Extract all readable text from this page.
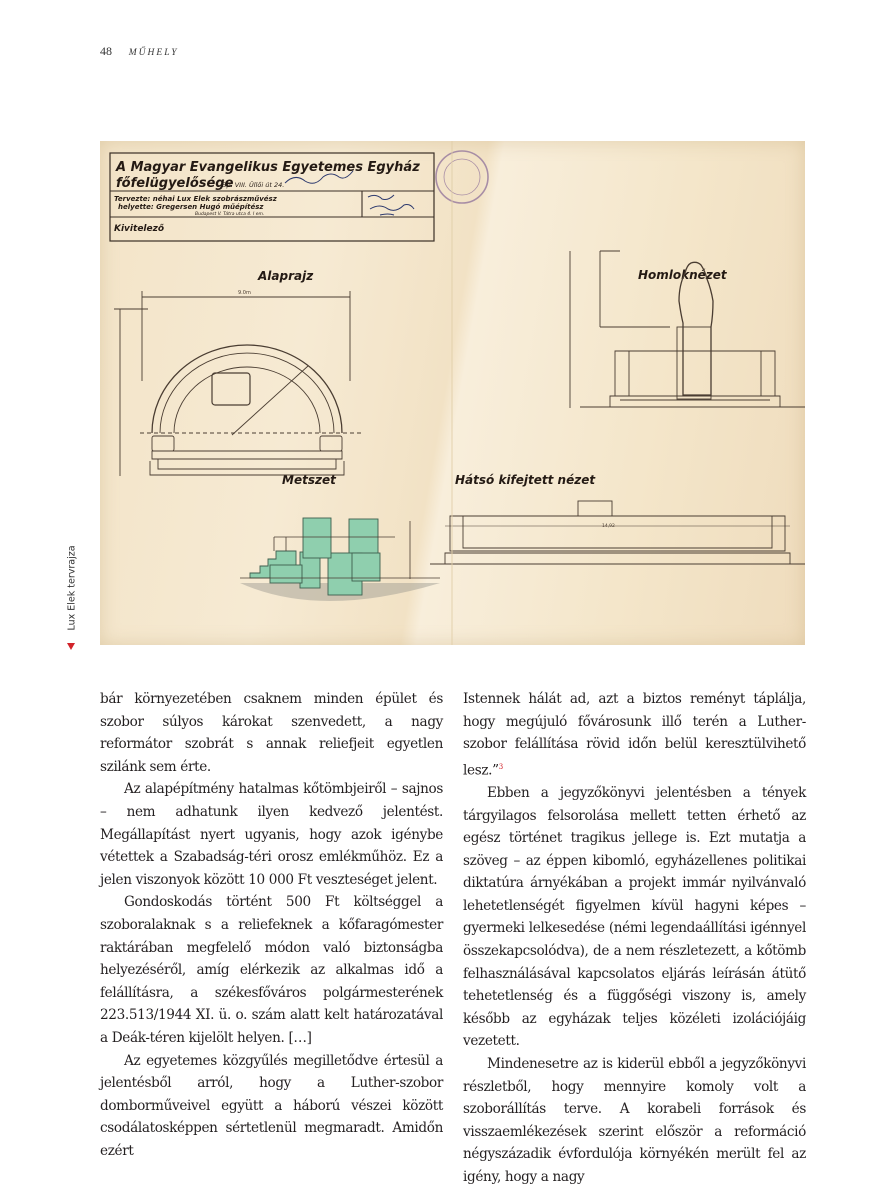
48 MŰHELY
A Magyar Evangelikus Egyetemes Egyház
főfelügyelősége
Bp. VIII. Üllői út 24.
Tervezte: néhai Lux Elek szobrászművész
helyette: Gregersen Hugó műépítész
Budapest V. Tátra utca 4. I em.
Kivitelező
Alaprajz	Homloknézet
Metszet	Hátsó kifejtett nézet
9.0m
14,92
Lux Elek tervrajza

bár környezetében csaknem minden épület és szobor súlyos károkat szenvedett, a nagy reformátor szobrát s annak reliefjeit egyetlen szilánk sem érte.

Az alapépítmény hatalmas kőtömbjeiről – sajnos – nem adhatunk ilyen kedvező jelentést. Megállapítást nyert ugyanis, hogy azok igénybe vétettek a Szabadság-téri orosz emlékműhöz. Ez a jelen viszonyok között 10 000 Ft veszteséget jelent.

Gondoskodás történt 500 Ft költséggel a szoboralaknak s a reliefeknek a kőfaragómester raktárában megfelelő módon való biztonságba helyezéséről, amíg elérkezik az alkalmas idő a felállításra, a székesfőváros polgármesterének 223.513/1944 XI. ü. o. szám alatt kelt határozatával a Deák-téren kijelölt helyen. […]

Az egyetemes közgyűlés megilletődve értesül a jelentésből arról, hogy a Luther-szobor domborműveivel együtt a háború vészei között csodálatosképpen sértetlenül megmaradt. Amidőn ezért

Istennek hálát ad, azt a biztos reményt táplálja, hogy megújuló fővárosunk illő terén a Luther-szobor felállítása rövid időn belül keresztülvihető lesz.”$^3$

Ebben a jegyzőkönyvi jelentésben a tények tárgyilagos felsorolása mellett tetten érhető az egész történet tragikus jellege is. Ezt mutatja a szöveg – az éppen kibomló, egyházellenes politikai diktatúra árnyékában a projekt immár nyilvánvaló lehetetlenségét figyelmen kívül hagyni képes – gyermeki lelkesedése (némi legendaállítási igénnyel összekapcsolódva), de a nem részletezett, a kőtömb felhasználásával kapcsolatos eljárás leírásán átütő tehetetlenség és a függőségi viszony is, amely később az egyházak teljes közéleti izolációjáig vezetett.

Mindenesetre az is kiderül ebből a jegyzőkönyvi részletből, hogy mennyire komoly volt a szoborállítás terve. A korabeli források és visszaemlékezések szerint először a reformáció négyszázadik évfordulója környékén merült fel az igény, hogy a nagy
